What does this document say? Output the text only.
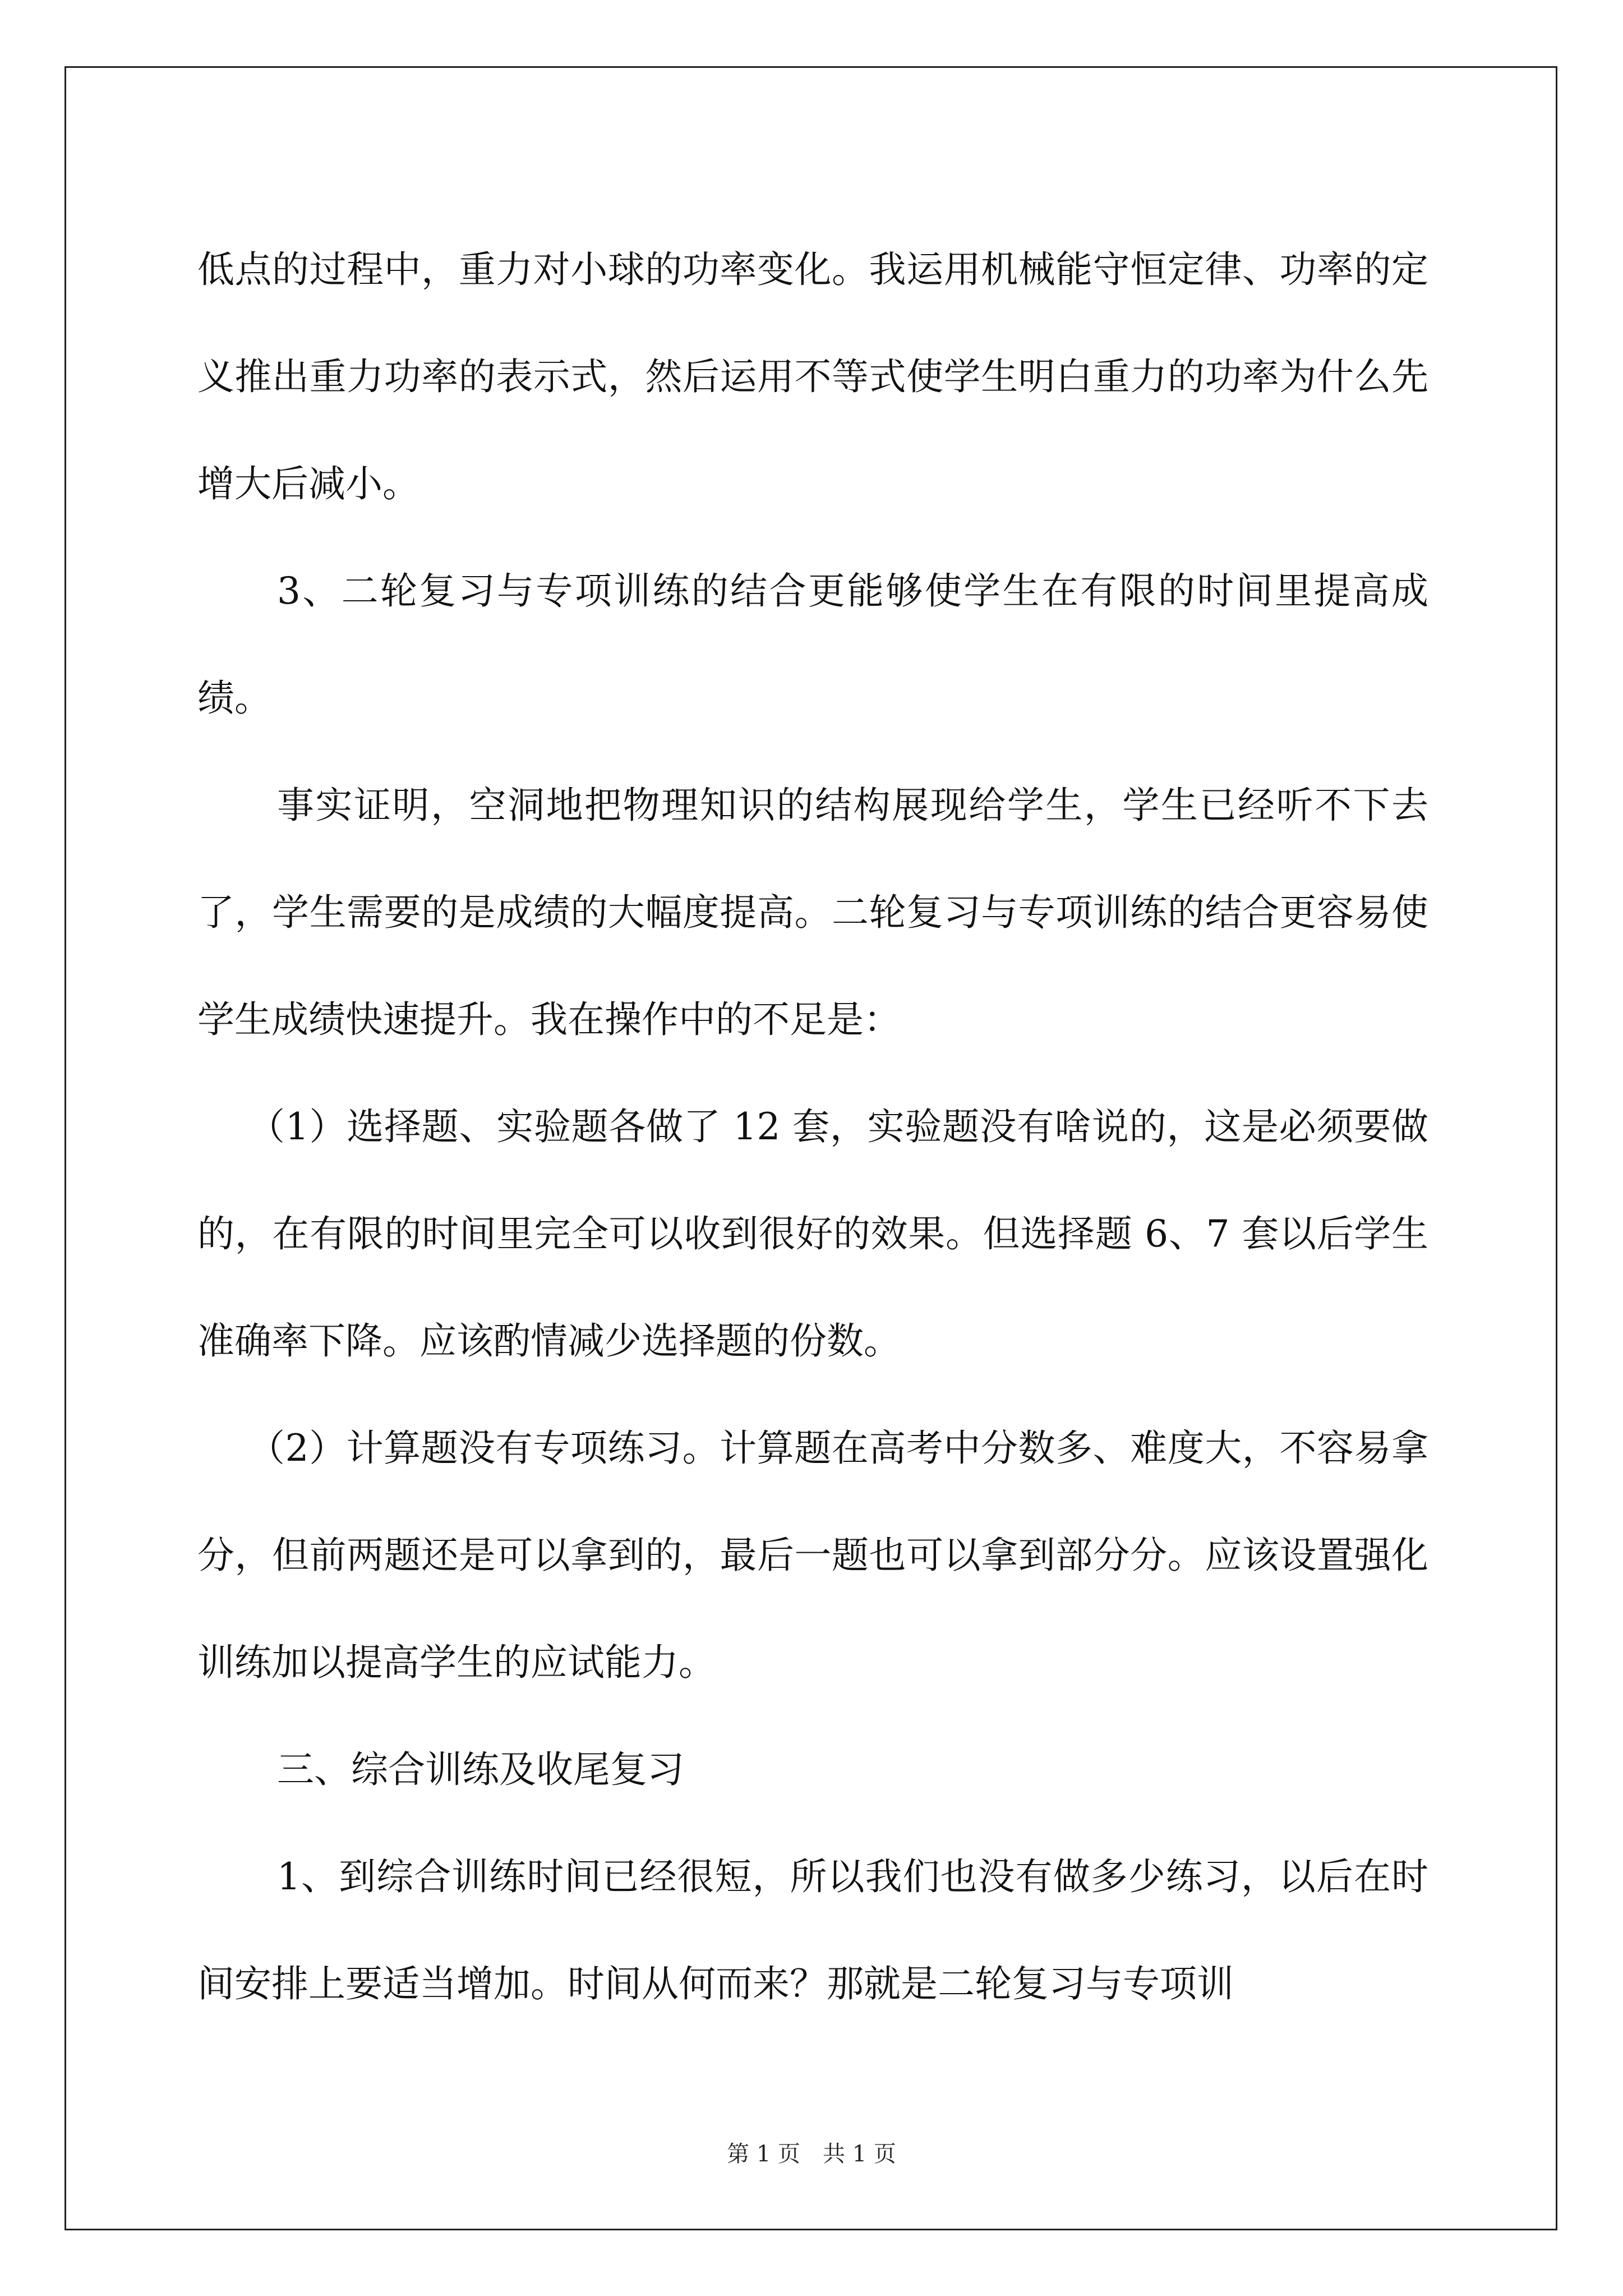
低点的过程中，重力对小球的功率变化。我运用机械能守恒定律、功率的定义推出重力功率的表示式，然后运用不等式使学生明白重力的功率为什么先增大后减小。

3、二轮复习与专项训练的结合更能够使学生在有限的时间里提高成绩。

事实证明，空洞地把物理知识的结构展现给学生，学生已经听不下去了，学生需要的是成绩的大幅度提高。二轮复习与专项训练的结合更容易使学生成绩快速提升。我在操作中的不足是：

（1）选择题、实验题各做了 12 套，实验题没有啥说的，这是必须要做的，在有限的时间里完全可以收到很好的效果。但选择题 6、7 套以后学生准确率下降。应该酌情减少选择题的份数。

（2）计算题没有专项练习。计算题在高考中分数多、难度大，不容易拿分，但前两题还是可以拿到的，最后一题也可以拿到部分分。应该设置强化训练加以提高学生的应试能力。

三、综合训练及收尾复习

1、到综合训练时间已经很短，所以我们也没有做多少练习，以后在时间安排上要适当增加。时间从何而来？那就是二轮复习与专项训

第 1 页　共 1 页
